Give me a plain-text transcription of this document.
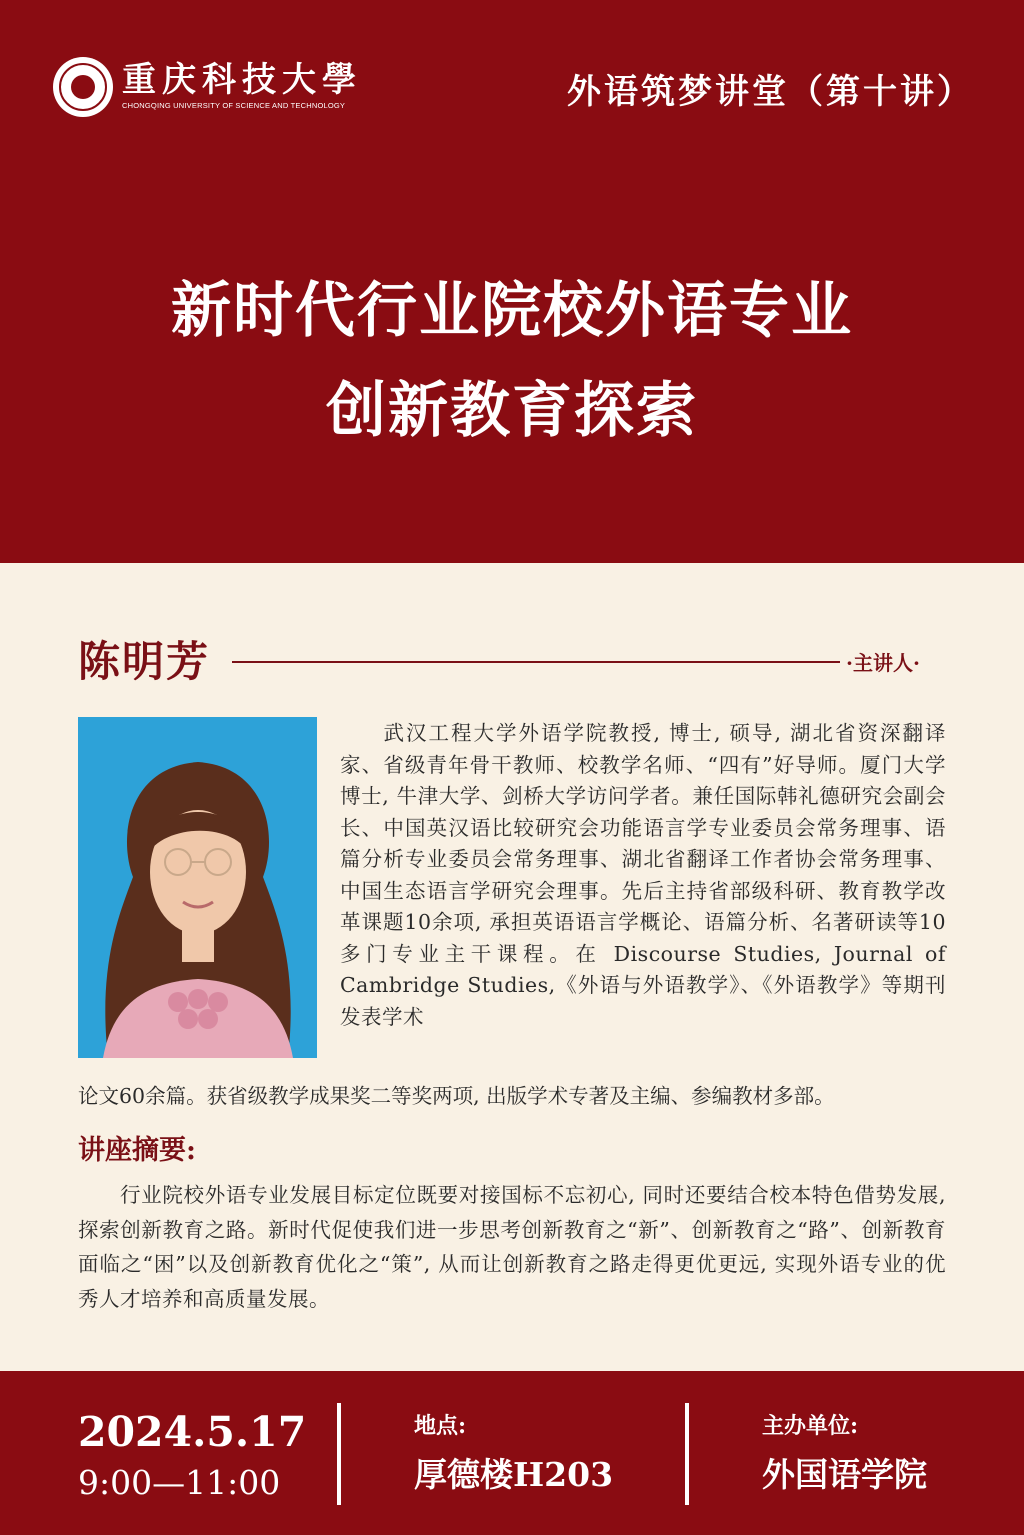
重庆科技大學
CHONGQING UNIVERSITY OF SCIENCE AND TECHNOLOGY	外语筑梦讲堂（第十讲）
新时代行业院校外语专业
创新教育探索
陈明芳	·主讲人·
武汉工程大学外语学院教授, 博士, 硕导, 湖北省资深翻译家、省级青年骨干教师、校教学名师、“四有”好导师。厦门大学博士, 牛津大学、剑桥大学访问学者。兼任国际韩礼德研究会副会长、中国英汉语比较研究会功能语言学专业委员会常务理事、语篇分析专业委员会常务理事、湖北省翻译工作者协会常务理事、中国生态语言学研究会理事。先后主持省部级科研、教育教学改革课题10余项, 承担英语语言学概论、语篇分析、名著研读等10多门专业主干课程。在 Discourse Studies, Journal of Cambridge Studies,《外语与外语教学》、《外语教学》等期刊发表学术
论文60余篇。获省级教学成果奖二等奖两项, 出版学术专著及主编、参编教材多部。
讲座摘要:
行业院校外语专业发展目标定位既要对接国标不忘初心, 同时还要结合校本特色借势发展, 探索创新教育之路。新时代促使我们进一步思考创新教育之“新”、创新教育之“路”、创新教育面临之“困”以及创新教育优化之“策”, 从而让创新教育之路走得更优更远, 实现外语专业的优秀人才培养和高质量发展。
2024.5.17
9:00—11:00
地点:
厚德楼H203
主办单位:
外国语学院
